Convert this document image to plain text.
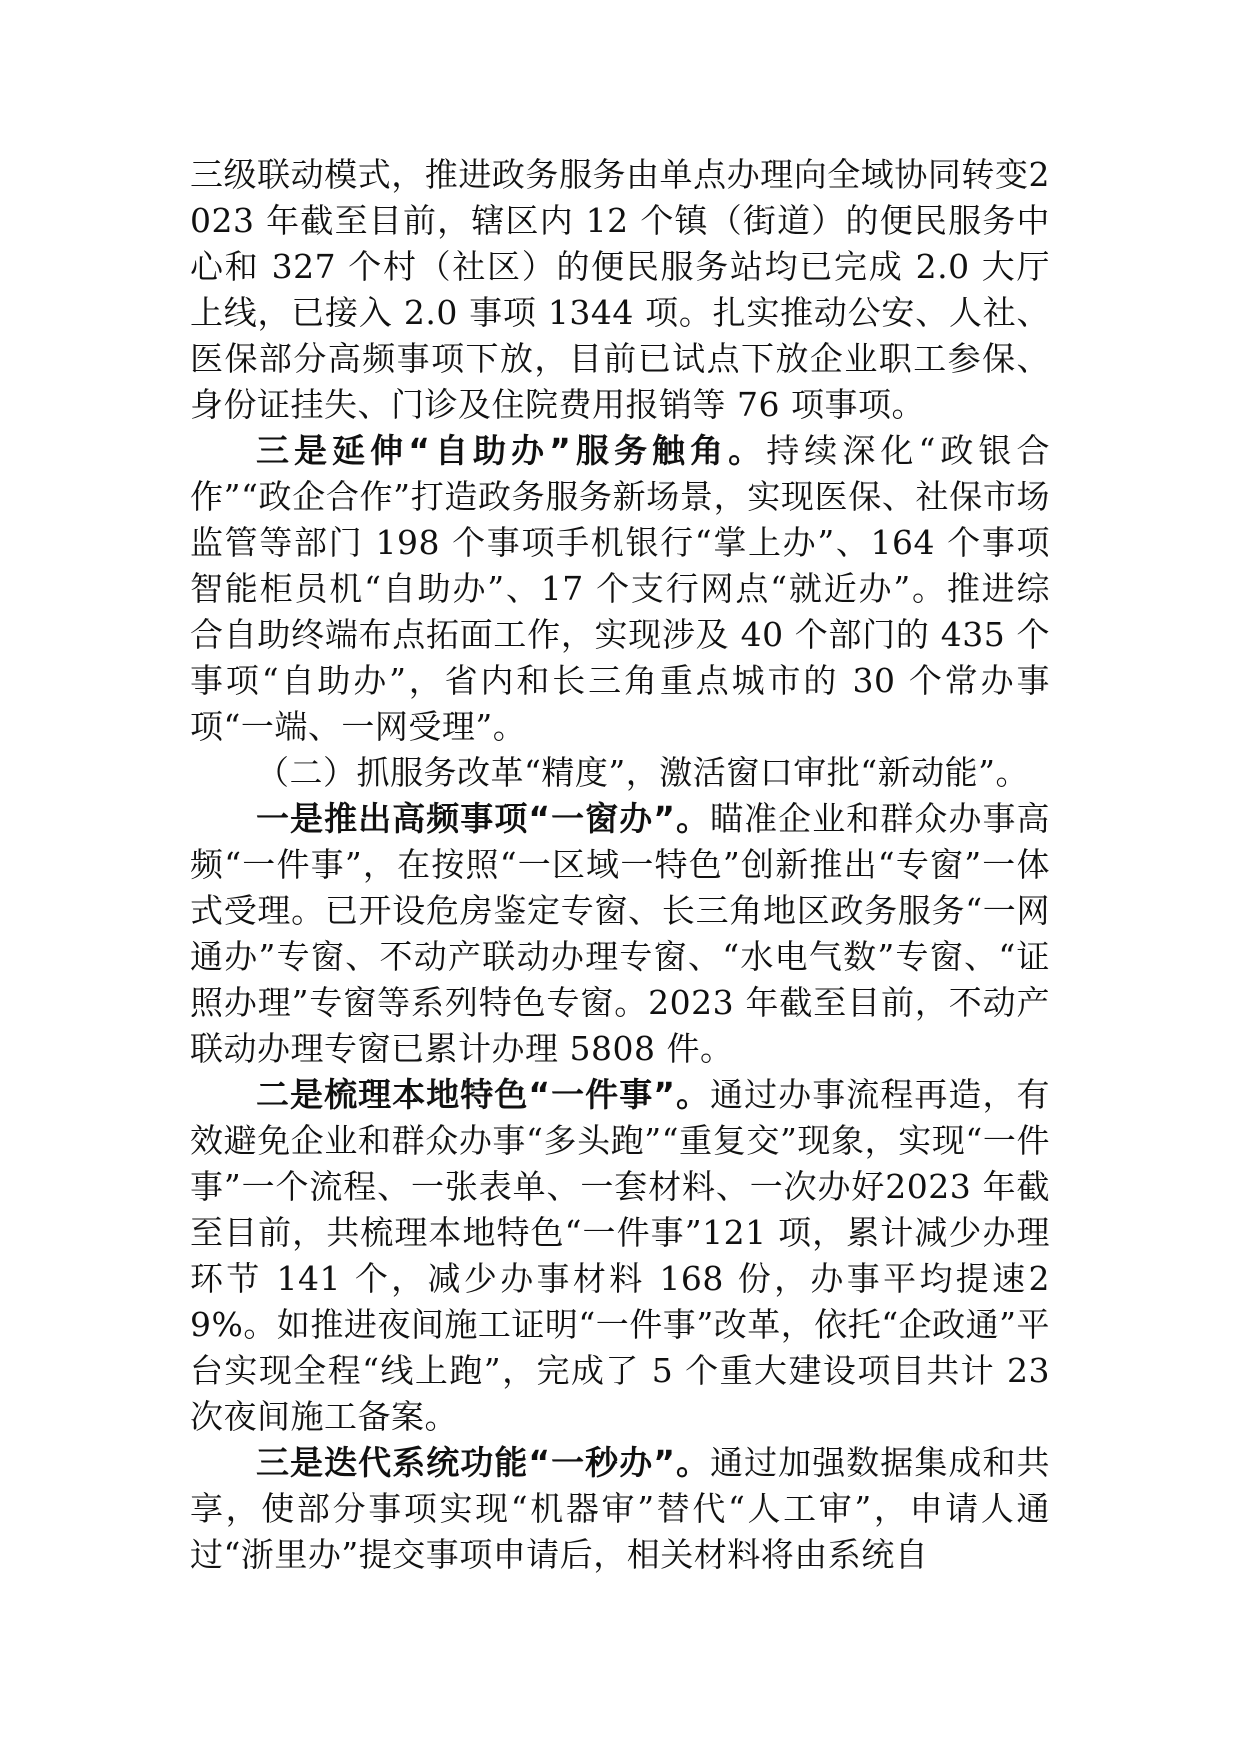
三级联动模式，推进政务服务由单点办理向全域协同转变2023 年截至目前，辖区内 12 个镇（街道）的便民服务中心和 327 个村（社区）的便民服务站均已完成 2.0 大厅上线，已接入 2.0 事项 1344 项。扎实推动公安、人社、医保部分高频事项下放，目前已试点下放企业职工参保、身份证挂失、门诊及住院费用报销等 76 项事项。

三是延伸“自助办”服务触角。持续深化“政银合作”“政企合作”打造政务服务新场景，实现医保、社保市场监管等部门 198 个事项手机银行“掌上办”、164 个事项智能柜员机“自助办”、17 个支行网点“就近办”。推进综合自助终端布点拓面工作，实现涉及 40 个部门的 435 个事项“自助办”，省内和长三角重点城市的 30 个常办事项“一端、一网受理”。

（二）抓服务改革“精度”，激活窗口审批“新动能”。

一是推出高频事项“一窗办”。瞄准企业和群众办事高频“一件事”，在按照“一区域一特色”创新推出“专窗”一体式受理。已开设危房鉴定专窗、长三角地区政务服务“一网通办”专窗、不动产联动办理专窗、“水电气数”专窗、“证照办理”专窗等系列特色专窗。2023 年截至目前，不动产联动办理专窗已累计办理 5808 件。

二是梳理本地特色“一件事”。通过办事流程再造，有效避免企业和群众办事“多头跑”“重复交”现象，实现“一件事”一个流程、一张表单、一套材料、一次办好2023 年截至目前，共梳理本地特色“一件事”121 项，累计减少办理环节 141 个，减少办事材料 168 份，办事平均提速29%。如推进夜间施工证明“一件事”改革，依托“企政通”平台实现全程“线上跑”，完成了 5 个重大建设项目共计 23 次夜间施工备案。

三是迭代系统功能“一秒办”。通过加强数据集成和共享，使部分事项实现“机器审”替代“人工审”，申请人通过“浙里办”提交事项申请后，相关材料将由系统自
